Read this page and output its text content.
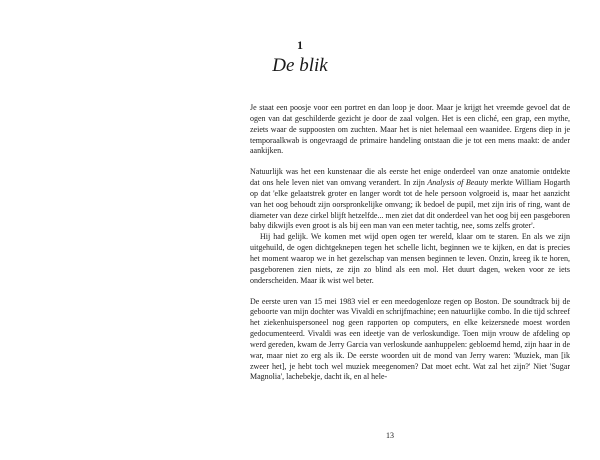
1
De blik

Je staat een poosje voor een portret en dan loop je door. Maar je krijgt het vreemde gevoel dat de ogen van dat geschilderde gezicht je door de zaal volgen. Het is een cliché, een grap, een mythe, zeiets waar de suppoosten om zuchten. Maar het is niet helemaal een waanidee. Ergens diep in je temporaalkwab is ongevraagd de primaire handeling ontstaan die je tot een mens maakt: de ander aankijken.

Natuurlijk was het een kunstenaar die als eerste het enige onderdeel van onze anatomie ontdekte dat ons hele leven niet van omvang verandert. In zijn Analysis of Beauty merkte William Hogarth op dat 'elke gelaatstrek groter en langer wordt tot de hele persoon volgroeid is, maar het aanzicht van het oog behoudt zijn oorspronkelijke omvang; ik bedoel de pupil, met zijn iris of ring, want de diameter van deze cirkel blijft hetzelfde... men ziet dat dit onderdeel van het oog bij een pasgeboren baby dikwijls even groot is als bij een man van een meter tachtig, nee, soms zelfs groter'.

Hij had gelijk. We komen met wijd open ogen ter wereld, klaar om te staren. En als we zijn uitgehuild, de ogen dichtgeknepen tegen het schelle licht, beginnen we te kijken, en dat is precies het moment waarop we in het gezelschap van mensen beginnen te leven. Onzin, kreeg ik te horen, pasgeborenen zien niets, ze zijn zo blind als een mol. Het duurt dagen, weken voor ze iets onderscheiden. Maar ik wist wel beter.

De eerste uren van 15 mei 1983 viel er een meedogenloze regen op Boston. De soundtrack bij de geboorte van mijn dochter was Vivaldi en schrijfmachine; een natuurlijke combo. In die tijd schreef het ziekenhuispersoneel nog geen rapporten op computers, en elke keizersnede moest worden gedocumenteerd. Vivaldi was een ideetje van de verloskundige. Toen mijn vrouw de afdeling op werd gereden, kwam de Jerry Garcia van verloskunde aanhuppelen: gebloemd hemd, zijn haar in de war, maar niet zo erg als ik. De eerste woorden uit de mond van Jerry waren: 'Muziek, man [ik zweer het], je hebt toch wel muziek meegenomen? Dat moet echt. Wat zal het zijn?' Niet 'Sugar Magnolia', lachebekje, dacht ik, en al hele-

13
